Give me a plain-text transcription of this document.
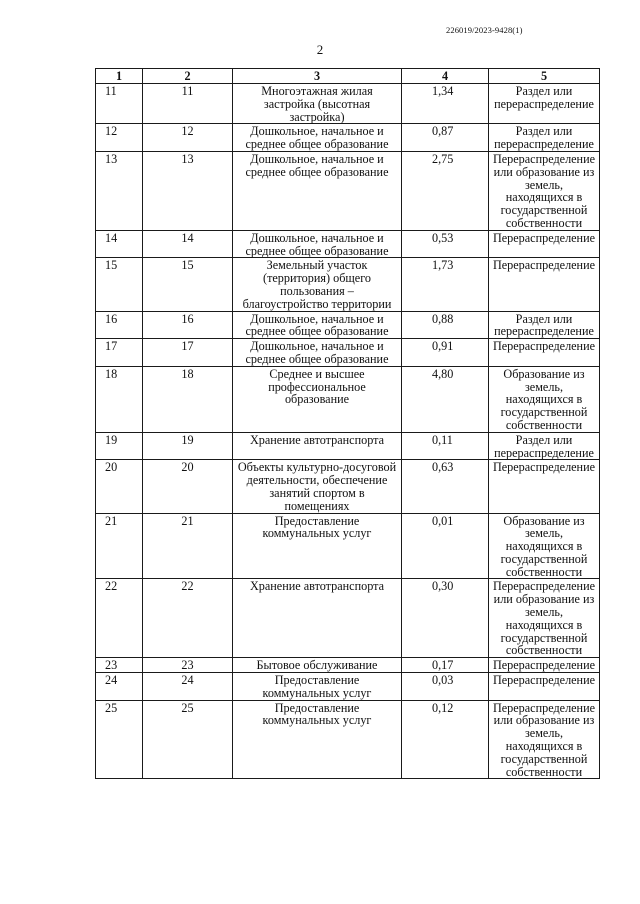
226019/2023-9428(1)
2
1	2	3	4	5
11	11	Многоэтажная жилая застройка (высотная застройка)	1,34	Раздел или перераспределение
12	12	Дошкольное, начальное и среднее общее образование	0,87	Раздел или перераспределение
13	13	Дошкольное, начальное и среднее общее образование	2,75	Перераспределение или образование из земель, находящихся в государственной собственности
14	14	Дошкольное, начальное и среднее общее образование	0,53	Перераспределение
15	15	Земельный участок (территория) общего пользования – благоустройство территории	1,73	Перераспределение
16	16	Дошкольное, начальное и среднее общее образование	0,88	Раздел или перераспределение
17	17	Дошкольное, начальное и среднее общее образование	0,91	Перераспределение
18	18	Среднее и высшее профессиональное образование	4,80	Образование из земель, находящихся в государственной собственности
19	19	Хранение автотранспорта	0,11	Раздел или перераспределение
20	20	Объекты культурно-досуговой деятельности, обеспечение занятий спортом в помещениях	0,63	Перераспределение
21	21	Предоставление коммунальных услуг	0,01	Образование из земель, находящихся в государственной собственности
22	22	Хранение автотранспорта	0,30	Перераспределение или образование из земель, находящихся в государственной собственности
23	23	Бытовое обслуживание	0,17	Перераспределение
24	24	Предоставление коммунальных услуг	0,03	Перераспределение
25	25	Предоставление коммунальных услуг	0,12	Перераспределение или образование из земель, находящихся в государственной собственности
